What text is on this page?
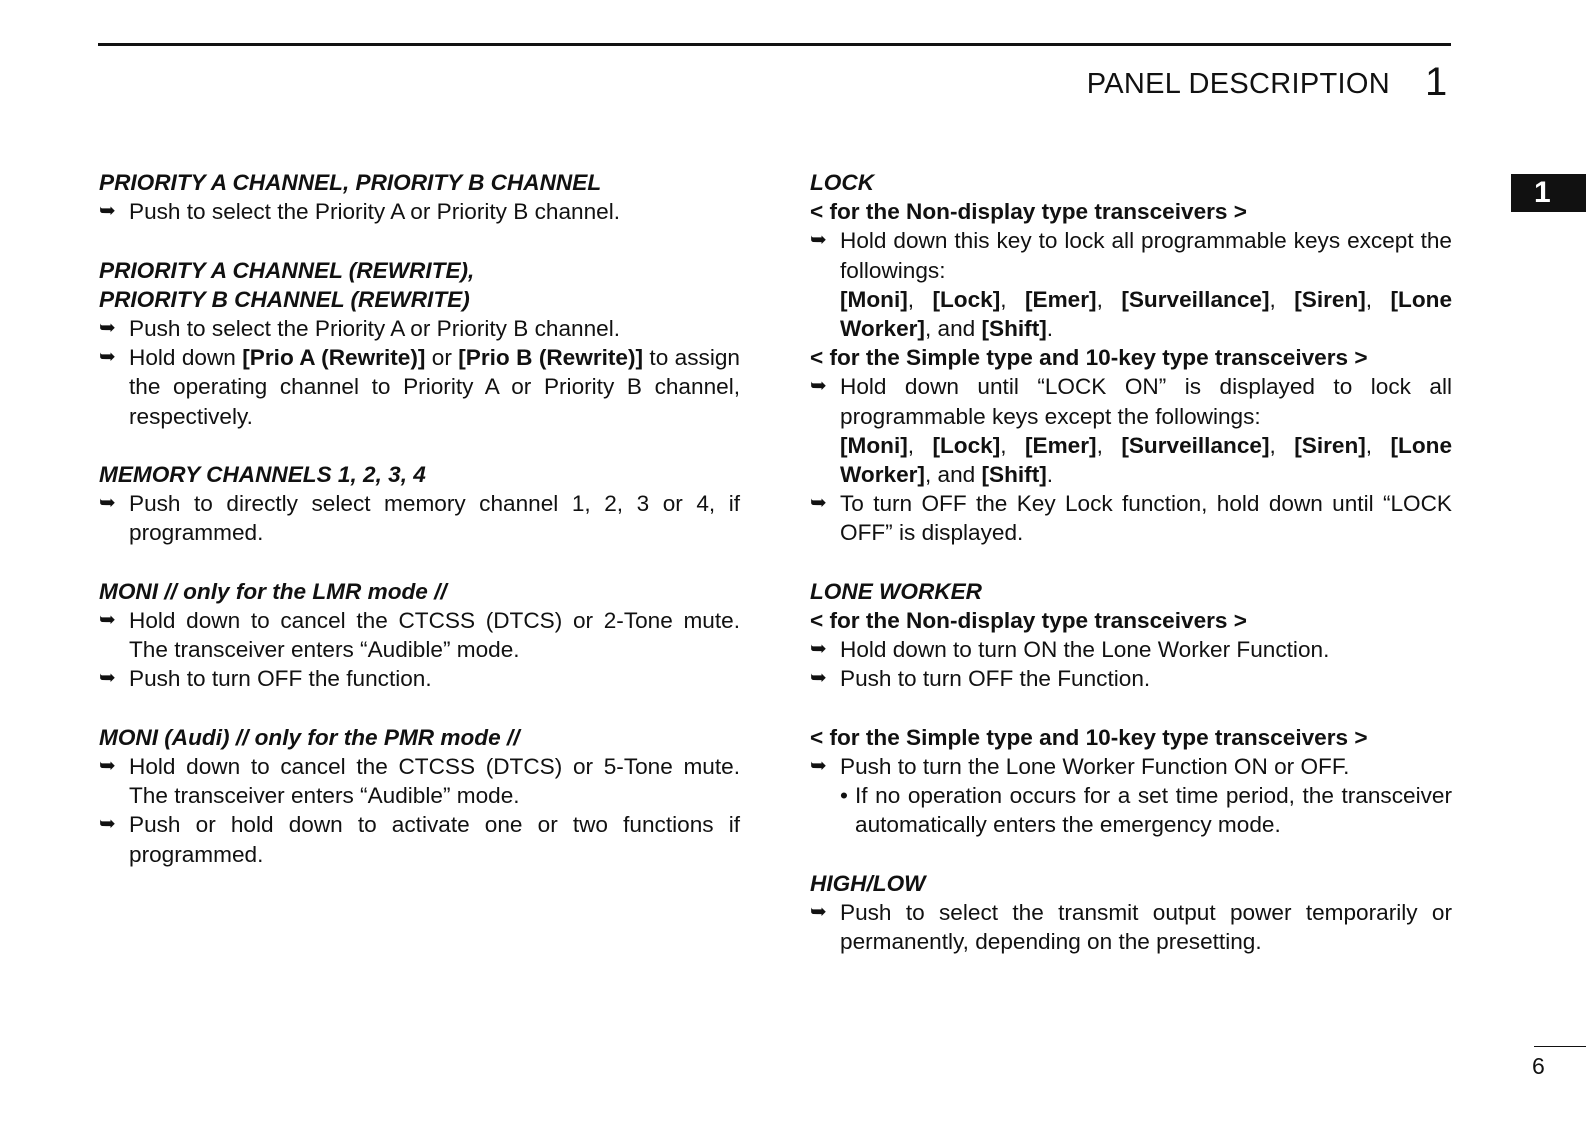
PANEL DESCRIPTION 1
1
PRIORITY A CHANNEL, PRIORITY B CHANNEL
➥ Push to select the Priority A or Priority B channel.
PRIORITY A CHANNEL (REWRITE),
PRIORITY B CHANNEL (REWRITE)
➥ Push to select the Priority A or Priority B channel.
➥ Hold down [Prio A (Rewrite)] or [Prio B (Rewrite)] to assign the operating channel to Priority A or Priority B channel, respectively.
MEMORY CHANNELS 1, 2, 3, 4
➥ Push to directly select memory channel 1, 2, 3 or 4, if programmed.
MONI // only for the LMR mode //
➥ Hold down to cancel the CTCSS (DTCS) or 2-Tone mute. The transceiver enters “Audible” mode.
➥ Push to turn OFF the function.
MONI (Audi) // only for the PMR mode //
➥ Hold down to cancel the CTCSS (DTCS) or 5-Tone mute. The transceiver enters “Audible” mode.
➥ Push or hold down to activate one or two functions if programmed.
LOCK
< for the Non-display type transceivers >
➥ Hold down this key to lock all programmable keys except the followings:
[Moni], [Lock], [Emer], [Surveillance], [Siren], [Lone Worker], and [Shift].
< for the Simple type and 10-key type transceivers >
➥ Hold down until “LOCK ON” is displayed to lock all programmable keys except the followings:
[Moni], [Lock], [Emer], [Surveillance], [Siren], [Lone Worker], and [Shift].
➥ To turn OFF the Key Lock function, hold down until “LOCK OFF” is displayed.
LONE WORKER
< for the Non-display type transceivers >
➥ Hold down to turn ON the Lone Worker Function.
➥ Push to turn OFF the Function.
< for the Simple type and 10-key type transceivers >
➥ Push to turn the Lone Worker Function ON or OFF.
• If no operation occurs for a set time period, the transceiver automatically enters the emergency mode.
HIGH/LOW
➥ Push to select the transmit output power temporarily or permanently, depending on the presetting.
6
